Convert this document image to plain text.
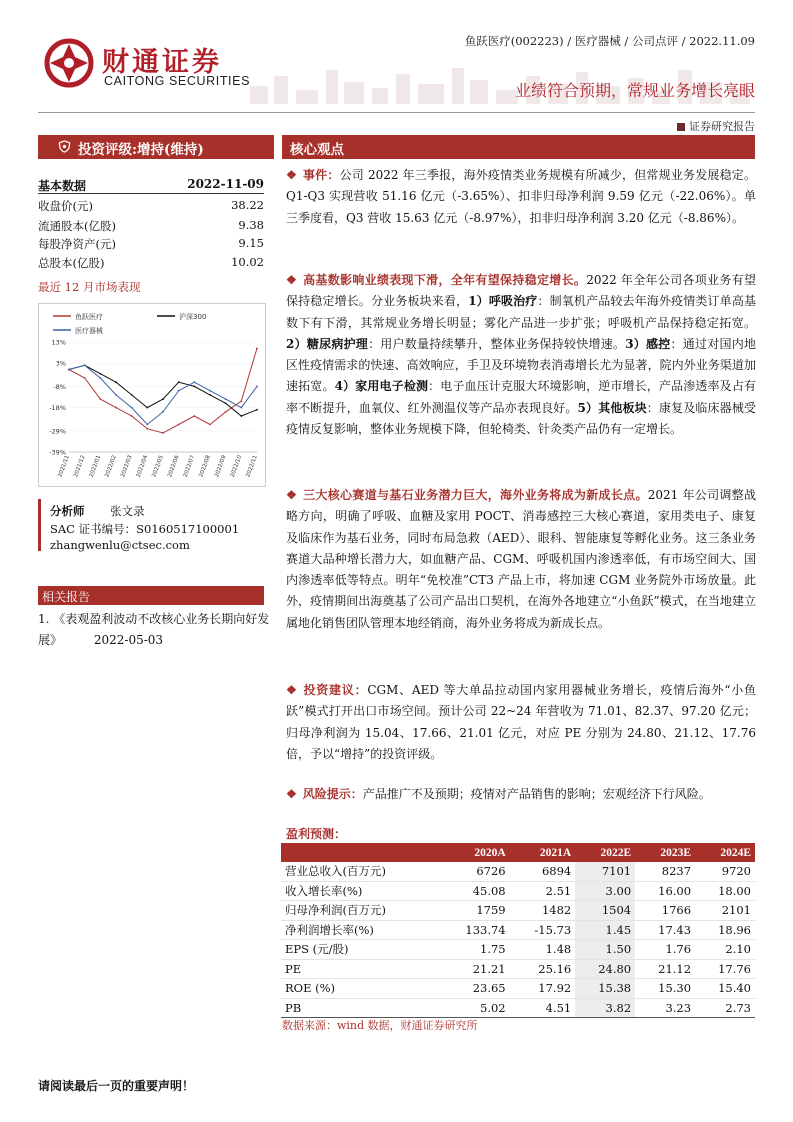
财通证券
CAITONG SECURITIES
鱼跃医疗(002223) / 医疗器械 / 公司点评 / 2022.11.09
业绩符合预期，常规业务增长亮眼
证券研究报告
投资评级:增持(维持)	核心观点
基本数据	2022-11-09
收盘价(元)	38.22
流通股本(亿股)	9.38
每股净资产(元)	9.15
总股本(亿股)	10.02
最近 12 月市场表现
鱼跃医疗	沪深300
医疗器械
13%
3%
-8%
-18%
-29%
-39%
2021/11 2021/12 2022/01 2022/02 2022/03 2022/04 2022/05 2022/06 2022/07 2022/08 2022/09 2022/10 2022/11
分析师 张文录
SAC 证书编号：S0160517100001
zhangwenlu@ctsec.com
相关报告
1. 《表观盈利波动不改核心业务长期向好发展》	2022-05-03
❖ 事件：公司 2022 年三季报，海外疫情类业务规模有所减少，但常规业务发展稳定。Q1-Q3 实现营收 51.16 亿元（-3.65%）、扣非归母净利润 9.59 亿元（-22.06%）。单三季度看，Q3 营收 15.63 亿元（-8.97%），扣非归母净利润 3.20 亿元（-8.86%）。
❖ 高基数影响业绩表现下滑，全年有望保持稳定增长。2022 年全年公司各项业务有望保持稳定增长。分业务板块来看，1）呼吸治疗：制氧机产品较去年海外疫情类订单高基数下有下滑，其常规业务增长明显；雾化产品进一步扩张；呼吸机产品保持稳定拓宽。2）糖尿病护理：用户数量持续攀升，整体业务保持较快增速。3）感控：通过对国内地区性疫情需求的快速、高效响应，手卫及环境物表消毒增长尤为显著，院内外业务渠道加速拓宽。4）家用电子检测：电子血压计克服大环境影响，逆市增长，产品渗透率及占有率不断提升，血氧仪、红外测温仪等产品亦表现良好。5）其他板块：康复及临床器械受疫情反复影响，整体业务规模下降，但轮椅类、针灸类产品仍有一定增长。
❖ 三大核心赛道与基石业务潜力巨大，海外业务将成为新成长点。2021 年公司调整战略方向，明确了呼吸、血糖及家用 POCT、消毒感控三大核心赛道，家用类电子、康复及临床作为基石业务，同时布局急救（AED）、眼科、智能康复等孵化业务。这三条业务赛道大品种增长潜力大，如血糖产品、CGM、呼吸机国内渗透率低，有市场空间大、国内渗透率低等特点。明年“免校准”CT3 产品上市，将加速 CGM 业务院外市场放量。此外，疫情期间出海奠基了公司产品出口契机，在海外各地建立“小鱼跃”模式，在当地建立属地化销售团队管理本地经销商，海外业务将成为新成长点。
❖ 投资建议：CGM、AED 等大单品拉动国内家用器械业务增长，疫情后海外“小鱼跃”模式打开出口市场空间。预计公司 22~24 年营收为 71.01、82.37、97.20 亿元；归母净利润为 15.04、17.66、21.01 亿元，对应 PE 分别为 24.80、21.12、17.76 倍，予以“增持”的投资评级。
❖ 风险提示：产品推广不及预期；疫情对产品销售的影响；宏观经济下行风险。
盈利预测：
	2020A	2021A	2022E	2023E	2024E
营业总收入(百万元)	6726	6894	7101	8237	9720
收入增长率(%)	45.08	2.51	3.00	16.00	18.00
归母净利润(百万元)	1759	1482	1504	1766	2101
净利润增长率(%)	133.74	-15.73	1.45	17.43	18.96
EPS (元/股)	1.75	1.48	1.50	1.76	2.10
PE	21.21	25.16	24.80	21.12	17.76
ROE (%)	23.65	17.92	15.38	15.30	15.40
PB	5.02	4.51	3.82	3.23	2.73
数据来源：wind 数据，财通证券研究所
请阅读最后一页的重要声明！
